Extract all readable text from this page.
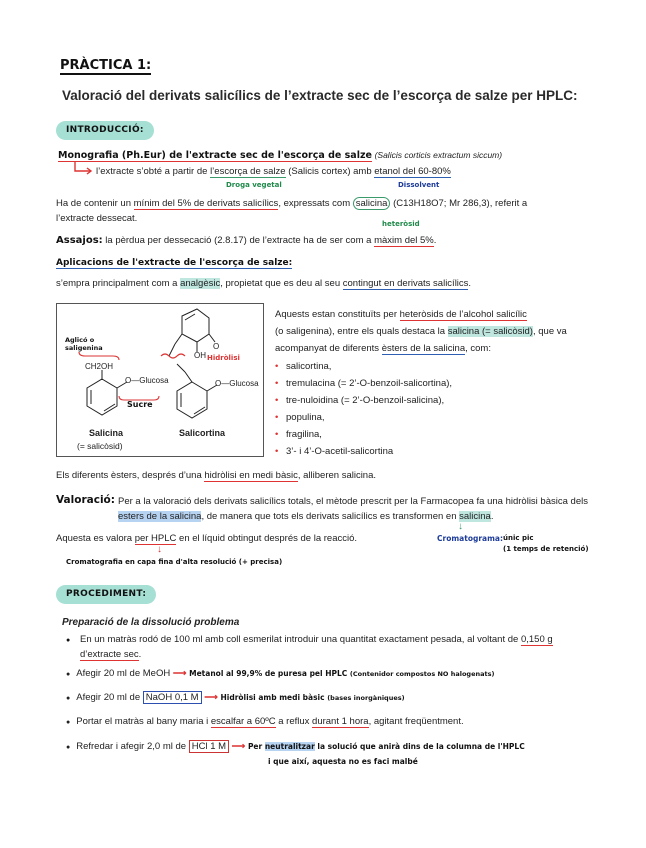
PRÀCTICA 1:
Valoració del derivats salicílics de l’extracte sec de l’escorça de salze per HPLC:
INTRODUCCIÓ:
Monografia (Ph.Eur) de l'extracte sec de l'escorça de salze (Salicis corticis extractum siccum)
l’extracte s’obté a partir de l’escorça de salze (Salicis cortex) amb etanol del 60-80%
Droga vegetal	Dissolvent
Ha de contenir un mínim del 5% de derivats salicílics, expressats com salicina (C13H18O7; Mr 286,3), referit a
l’extracte dessecat.	heteròsid
Assajos: la pèrdua per dessecació (2.8.17) de l’extracte ha de ser com a màxim del 5%.
Aplicacions de l'extracte de l'escorça de salze:
s’empra principalment com a analgèsic, propietat que es deu al seu contingut en derivats salicílics.
CH2OH
O—Glucosa	O—Glucosa
OH
O
Aglicó o saligenina
Sucre
Hidròlisi
Salicina
(= salicòsid)
Salicortina
Aquests estan constituïts per heteròsids de l’alcohol salicílic
(o saligenina), entre els quals destaca la salicina (= salicòsid), que va
acompanyat de diferents èsters de la salicina, com:
• salicortina,
• tremulacina (= 2’-O-benzoil-salicortina),
• tre-nuloidina (= 2’-O-benzoil-salicina),
• populina,
• fragilina,
• 3’- i 4’-O-acetil-salicortina
Els diferents èsters, després d’una hidròlisi en medi bàsic, alliberen salicina.
Valoració: Per a la valoració dels derivats salicílics totals, el mètode prescrit per la Farmacopea fa una hidròlisi bàsica dels
esters de la salicina, de manera que tots els derivats salicílics es transformen en salicina.
Aquesta es valora per HPLC en el líquid obtingut després de la reacció.
↓
Cromatografia en capa fina d'alta resolució (+ precisa)
Cromatograma: únic pic
(1 temps de retenció)
↓
PROCEDIMENT:
Preparació de la dissolució problema
● En un matràs rodó de 100 ml amb coll esmerilat introduir una quantitat exactament pesada, al voltant de 0,150 g
d’extracte sec.
● Afegir 20 ml de MeOH ⟶ Metanol al 99,9% de puresa pel HPLC (Contenidor compostos NO halogenats)
● Afegir 20 ml de NaOH 0,1 M ⟶ Hidròlisi amb medi bàsic (bases inorgàniques)
● Portar el matràs al bany maria i escalfar a 60ºC a reflux durant 1 hora, agitant freqüentment.
● Refredar i afegir 2,0 ml de HCl 1 M ⟶ Per neutralitzar la solució que anirà dins de la columna de l'HPLC
i que així, aquesta no es faci malbé
